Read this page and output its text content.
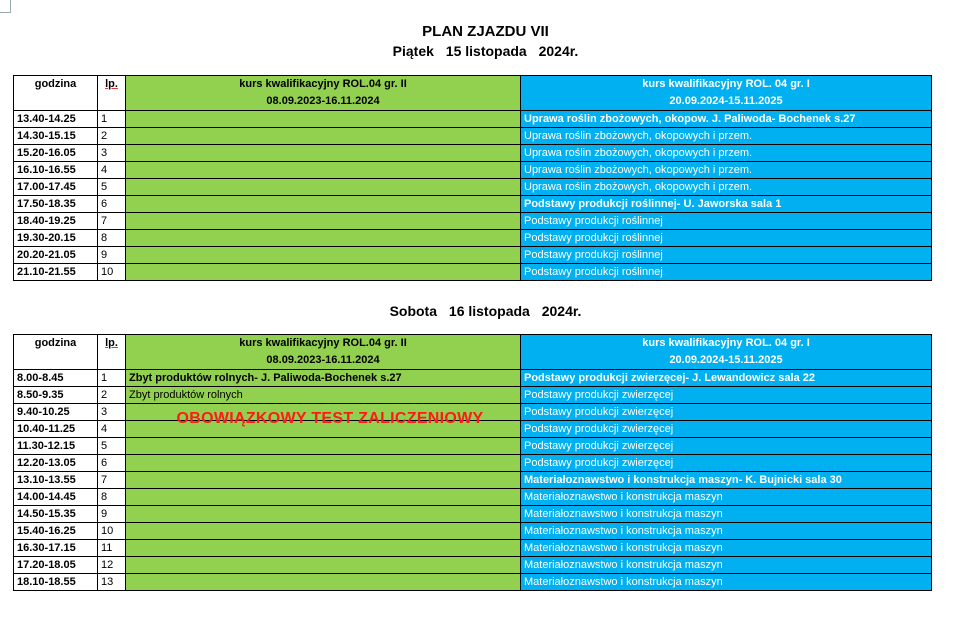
PLAN ZJAZDU VII
Piątek 15 listopada 2024r.
godzina	lp.	kurs kwalifikacyjny ROL.04 gr. II	kurs kwalifikacyjny ROL. 04 gr. I
		08.09.2023-16.11.2024	20.09.2024-15.11.2025
13.40-14.25	1		Uprawa roślin zbożowych, okopow. J. Paliwoda- Bochenek s.27
14.30-15.15	2		Uprawa roślin zbożowych, okopowych i przem.
15.20-16.05	3		Uprawa roślin zbożowych, okopowych i przem.
16.10-16.55	4		Uprawa roślin zbożowych, okopowych i przem.
17.00-17.45	5		Uprawa roślin zbożowych, okopowych i przem.
17.50-18.35	6		Podstawy produkcji roślinnej- U. Jaworska sala 1
18.40-19.25	7		Podstawy produkcji roślinnej
19.30-20.15	8		Podstawy produkcji roślinnej
20.20-21.05	9		Podstawy produkcji roślinnej
21.10-21.55	10		Podstawy produkcji roślinnej
Sobota 16 listopada 2024r.
godzina	lp.	kurs kwalifikacyjny ROL.04 gr. II	kurs kwalifikacyjny ROL. 04 gr. I
		08.09.2023-16.11.2024	20.09.2024-15.11.2025
8.00-8.45	1	Zbyt produktów rolnych- J. Paliwoda-Bochenek s.27	Podstawy produkcji zwierzęcej- J. Lewandowicz sala 22
8.50-9.35	2	Zbyt produktów rolnych	Podstawy produkcji zwierzęcej
9.40-10.25	3		Podstawy produkcji zwierzęcej
10.40-11.25	4		Podstawy produkcji zwierzęcej
11.30-12.15	5		Podstawy produkcji zwierzęcej
12.20-13.05	6		Podstawy produkcji zwierzęcej
13.10-13.55	7		Materiałoznawstwo i konstrukcja maszyn- K. Bujnicki sala 30
14.00-14.45	8		Materiałoznawstwo i konstrukcja maszyn
14.50-15.35	9		Materiałoznawstwo i konstrukcja maszyn
15.40-16.25	10		Materiałoznawstwo i konstrukcja maszyn
16.30-17.15	11		Materiałoznawstwo i konstrukcja maszyn
17.20-18.05	12		Materiałoznawstwo i konstrukcja maszyn
18.10-18.55	13		Materiałoznawstwo i konstrukcja maszyn
OBOWIĄZKOWY TEST ZALICZENIOWY
